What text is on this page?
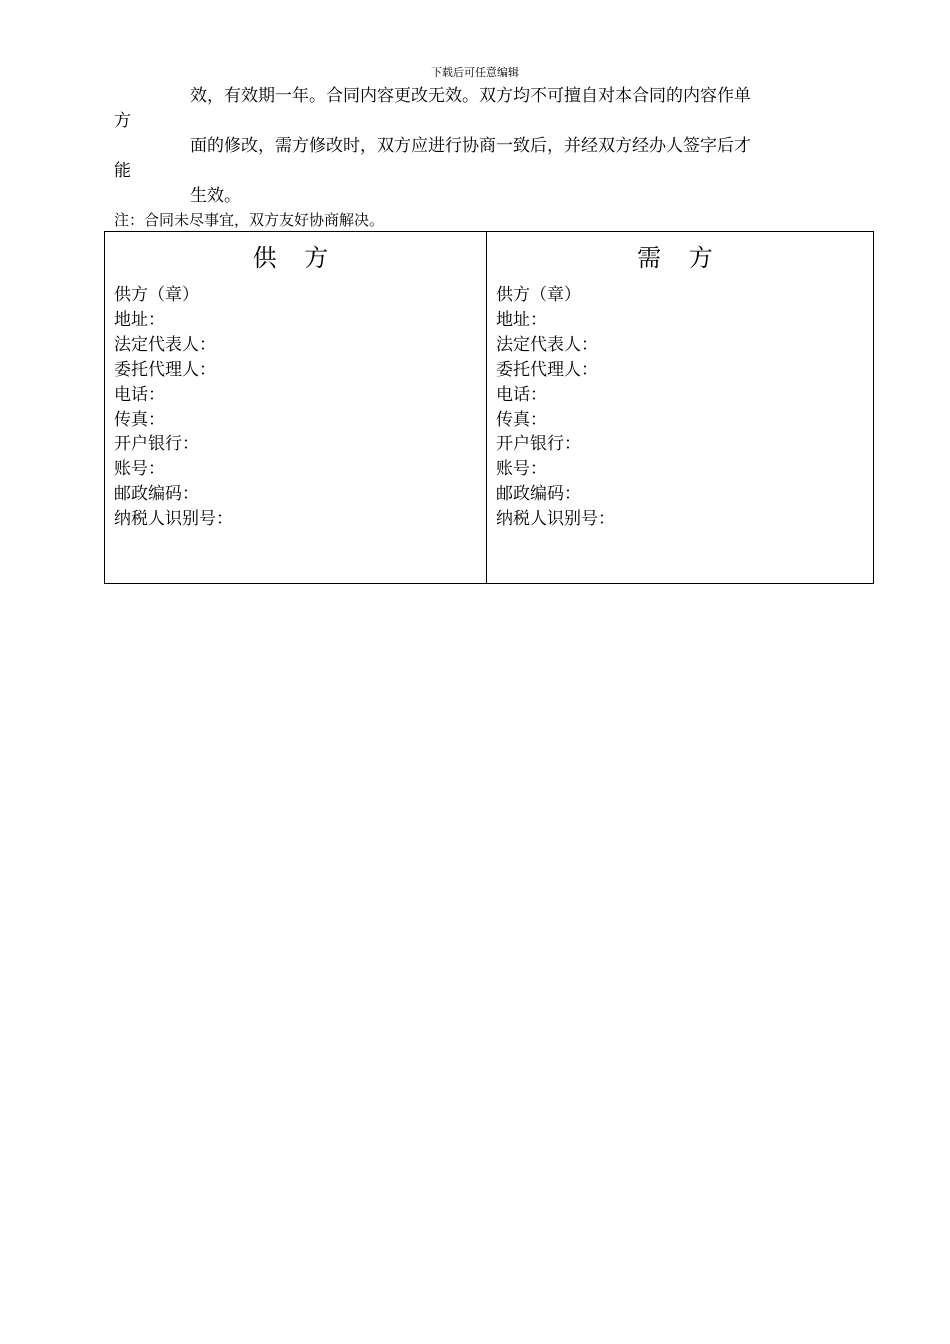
下载后可任意编辑
效，有效期一年。合同内容更改无效。双方均不可擅自对本合同的内容作单
方
面的修改，需方修改时，双方应进行协商一致后，并经双方经办人签字后才
能
生效。
注：合同未尽事宜，双方友好协商解决。
供 方
供方（章）
地址：
法定代表人：
委托代理人：
电话：
传真：
开户银行：
账号：
邮政编码：
纳税人识别号：
需 方
供方（章）
地址：
法定代表人：
委托代理人：
电话：
传真：
开户银行：
账号：
邮政编码：
纳税人识别号：
